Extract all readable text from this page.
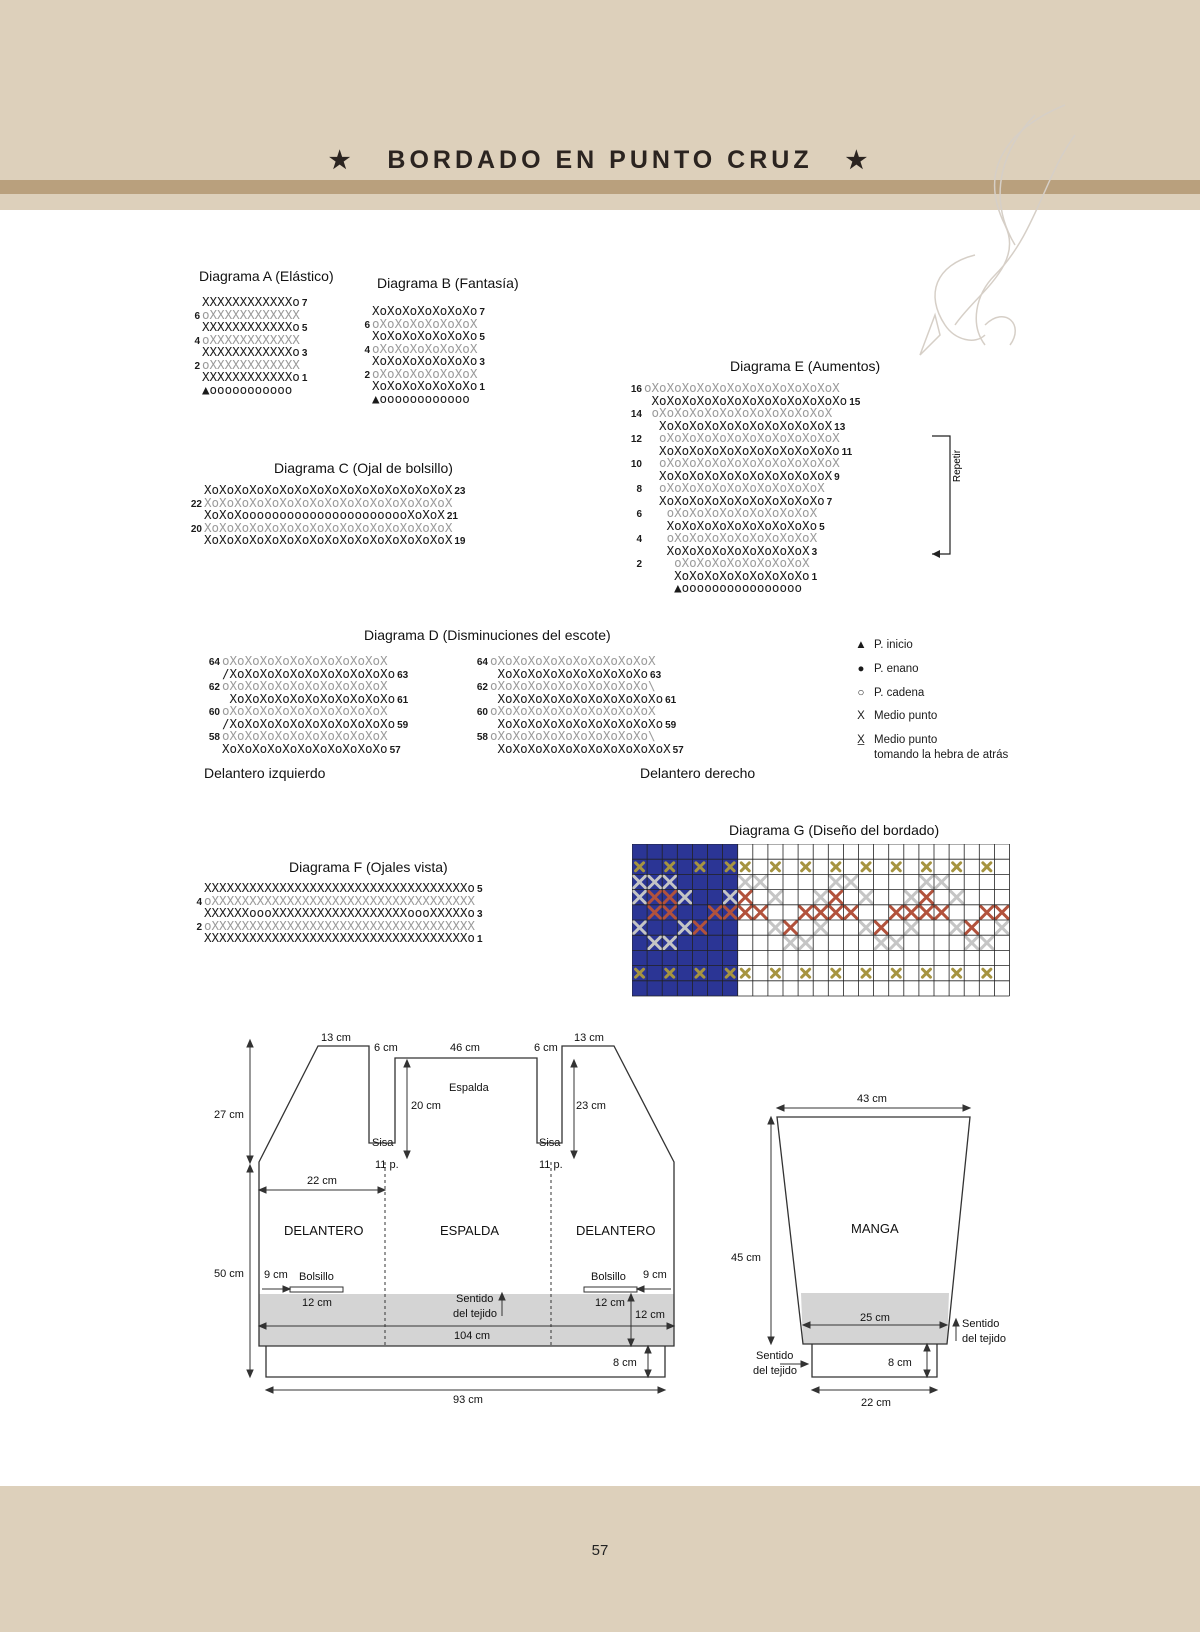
★ BORDADO EN PUNTO CRUZ ★
Diagrama A (Elástico)
XXXXXXXXXXXXo 7
6 oXXXXXXXXXXXX
XXXXXXXXXXXXo 5
4 oXXXXXXXXXXXX
XXXXXXXXXXXXo 3
2 oXXXXXXXXXXXX
XXXXXXXXXXXXo 1
▲ooooooooooo
Diagrama B (Fantasía)
XoXoXoXoXoXoXo 7
6 oXoXoXoXoXoXoX
XoXoXoXoXoXoXo 5
4 oXoXoXoXoXoXoX
XoXoXoXoXoXoXo 3
2 oXoXoXoXoXoXoX
XoXoXoXoXoXoXo 1
▲oooooooooooo
Diagrama C (Ojal de bolsillo)
XoXoXoXoXoXoXoXoXoXoXoXoXoXoXoXoX 23
22 XoXoXoXoXoXoXoXoXoXoXoXoXoXoXoXoX
XoXoXooooooooooooooooooooooXoXoX 21
20 XoXoXoXoXoXoXoXoXoXoXoXoXoXoXoXoX
XoXoXoXoXoXoXoXoXoXoXoXoXoXoXoXoX 19
Diagrama E (Aumentos)
16 oXoXoXoXoXoXoXoXoXoXoXoXoX
XoXoXoXoXoXoXoXoXoXoXoXoXo 15
14 oXoXoXoXoXoXoXoXoXoXoXoX
XoXoXoXoXoXoXoXoXoXoXoX 13
12  oXoXoXoXoXoXoXoXoXoXoXoX
XoXoXoXoXoXoXoXoXoXoXoXo 11
10  oXoXoXoXoXoXoXoXoXoXoXoX
XoXoXoXoXoXoXoXoXoXoXoX 9
8  oXoXoXoXoXoXoXoXoXoXoX
XoXoXoXoXoXoXoXoXoXoXo 7
6   oXoXoXoXoXoXoXoXoXoX
XoXoXoXoXoXoXoXoXoXo 5
4   oXoXoXoXoXoXoXoXoXoX
XoXoXoXoXoXoXoXoXoX 3
2    oXoXoXoXoXoXoXoXoX
XoXoXoXoXoXoXoXoXo 1
▲oooooooooooooooo
Repetir
Diagrama D (Disminuciones del escote)
64 oXoXoXoXoXoXoXoXoXoXoX
/XoXoXoXoXoXoXoXoXoXoXo 63
62 oXoXoXoXoXoXoXoXoXoXoX
XoXoXoXoXoXoXoXoXoXoXo 61
60 oXoXoXoXoXoXoXoXoXoXoX
/XoXoXoXoXoXoXoXoXoXoXo 59
58 oXoXoXoXoXoXoXoXoXoXoX
XoXoXoXoXoXoXoXoXoXoXo 57
64 oXoXoXoXoXoXoXoXoXoXoX
XoXoXoXoXoXoXoXoXoXo 63
62 oXoXoXoXoXoXoXoXoXoXo\
XoXoXoXoXoXoXoXoXoXoXo 61
60 oXoXoXoXoXoXoXoXoXoXoX
XoXoXoXoXoXoXoXoXoXoXo 59
58 oXoXoXoXoXoXoXoXoXoXo\
XoXoXoXoXoXoXoXoXoXoXoX 57
Delantero izquierdo	Delantero derecho
▲ P. inicio
● P. enano
○ P. cadena
X Medio punto
X̲ Medio punto
tomando la hebra de atrás
Diagrama F (Ojales vista)
XXXXXXXXXXXXXXXXXXXXXXXXXXXXXXXXXXXo 5
4 oXXXXXXXXXXXXXXXXXXXXXXXXXXXXXXXXXXX
XXXXXXoooXXXXXXXXXXXXXXXXXXoooXXXXXo 3
2 oXXXXXXXXXXXXXXXXXXXXXXXXXXXXXXXXXXX
XXXXXXXXXXXXXXXXXXXXXXXXXXXXXXXXXXXo 1
Diagrama G (Diseño del bordado)
13 cm
6 cm	46 cm	6 cm
13 cm
27 cm
Espalda
20 cm	23 cm
Sisa	Sisa
11 p.	11 p.
22 cm
DELANTERO	ESPALDA	DELANTERO
50 cm 9 cm Bolsillo	9 cm
Bolsillo
12 cm	12 cm
12 cm
Sentido
del tejido
104 cm
8 cm
93 cm
43 cm
45 cm
MANGA
25 cm	Sentido
del tejido
Sentido
del tejido
8 cm
22 cm
57
